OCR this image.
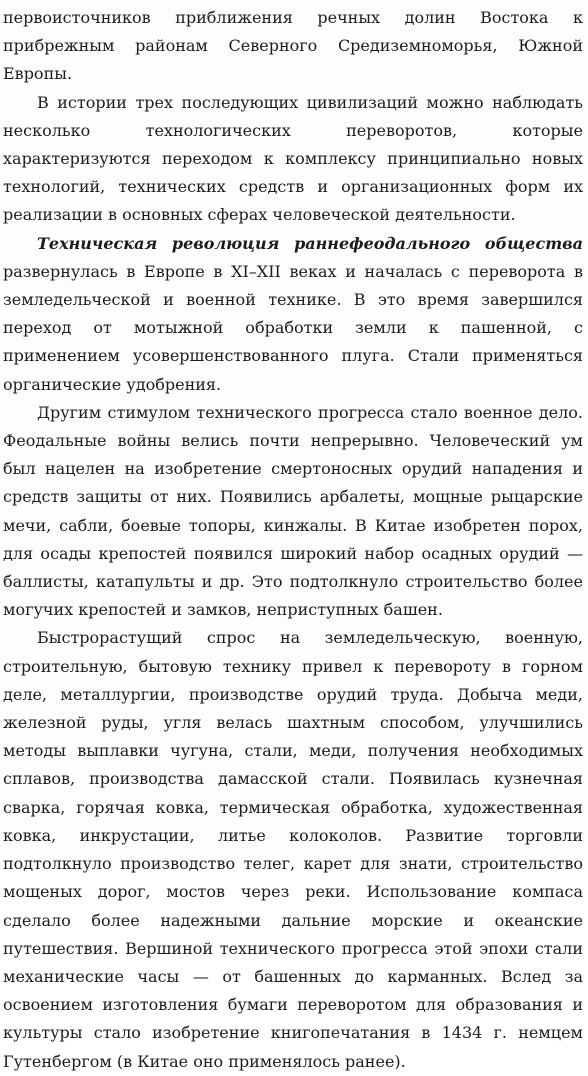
первоисточников приближения речных долин Востока к прибрежным районам Северного Средиземноморья, Южной Европы.

В истории трех последующих цивилизаций можно наблюдать несколько технологических переворотов, которые характеризуются переходом к комплексу принципиально новых технологий, технических средств и организационных форм их реализации в основных сферах человеческой деятельности.

Техническая революция раннефеодального общества развернулась в Европе в XI–XII веках и началась с переворота в земледельческой и военной технике. В это время завершился переход от мотыжной обработки земли к пашенной, с применением усовершенствованного плуга. Стали применяться органические удобрения.

Другим стимулом технического прогресса стало военное дело. Феодальные войны велись почти непрерывно. Человеческий ум был нацелен на изобретение смертоносных орудий нападения и средств защиты от них. Появились арбалеты, мощные рыцарские мечи, сабли, боевые топоры, кинжалы. В Китае изобретен порох, для осады крепостей появился широкий набор осадных орудий — баллисты, катапульты и др. Это подтолкнуло строительство более могучих крепостей и замков, неприступных башен.

Быстрорастущий спрос на земледельческую, военную, строительную, бытовую технику привел к перевороту в горном деле, металлургии, производстве орудий труда. Добыча меди, железной руды, угля велась шахтным способом, улучшились методы выплавки чугуна, стали, меди, получения необходимых сплавов, производства дамасской стали. Появилась кузнечная сварка, горячая ковка, термическая обработка, художественная ковка, инкрустации, литье колоколов. Развитие торговли подтолкнуло производство телег, карет для знати, строительство мощеных дорог, мостов через реки. Использование компаса сделало более надежными дальние морские и океанские путешествия. Вершиной технического прогресса этой эпохи стали механические часы — от башенных до карманных. Вслед за освоением изготовления бумаги переворотом для образования и культуры стало изобретение книгопечатания в 1434 г. немцем Гутенбергом (в Китае оно применялось ранее).
